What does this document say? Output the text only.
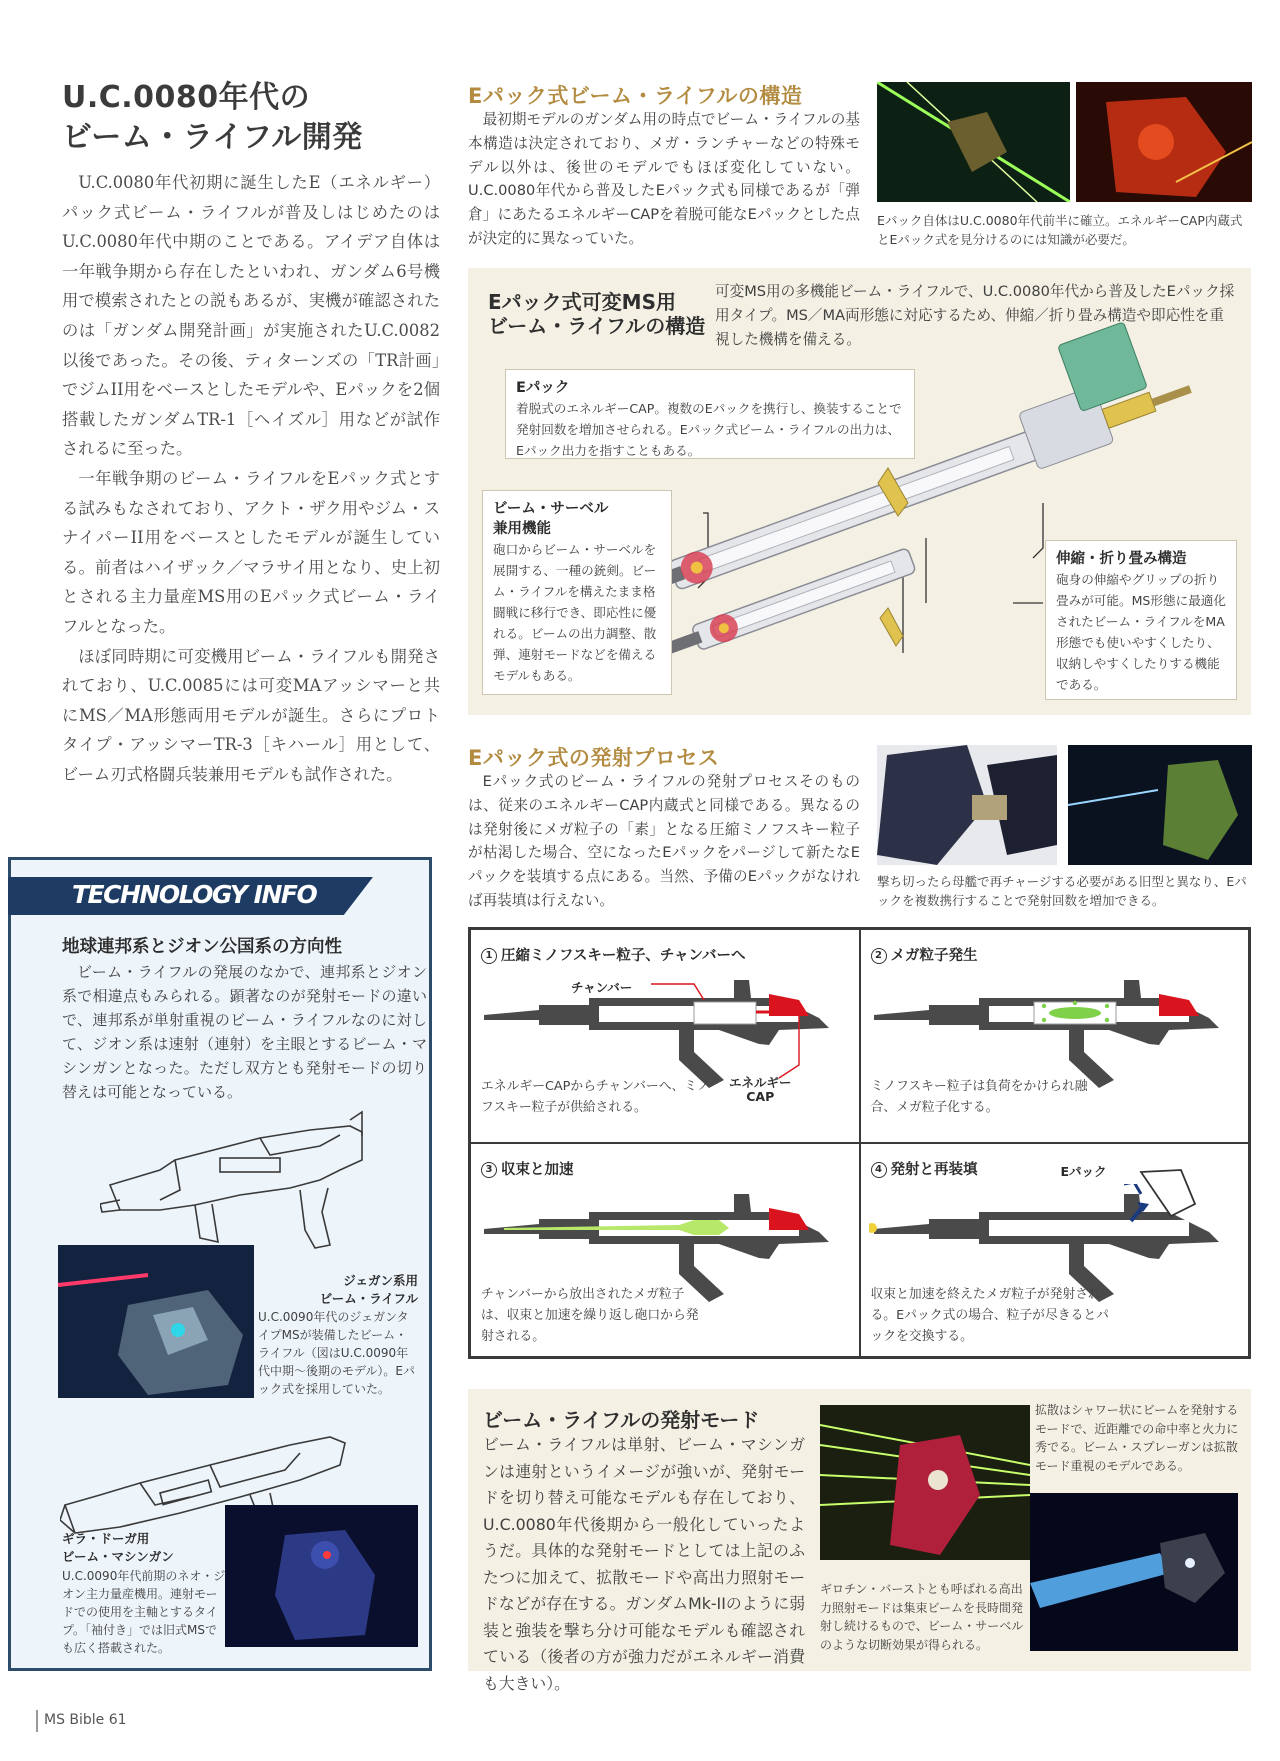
U.C.0080年代の
ビーム・ライフル開発

U.C.0080年代初期に誕生したE（エネルギー）パック式ビーム・ライフルが普及しはじめたのはU.C.0080年代中期のことである。アイデア自体は一年戦争期から存在したといわれ、ガンダム6号機用で模索されたとの説もあるが、実機が確認されたのは「ガンダム開発計画」が実施されたU.C.0082以後であった。その後、ティターンズの「TR計画」でジムII用をベースとしたモデルや、Eパックを2個搭載したガンダムTR-1［ヘイズル］用などが試作されるに至った。

一年戦争期のビーム・ライフルをEパック式とする試みもなされており、アクト・ザク用やジム・スナイパーII用をベースとしたモデルが誕生している。前者はハイザック／マラサイ用となり、史上初とされる主力量産MS用のEパック式ビーム・ライフルとなった。

ほぼ同時期に可変機用ビーム・ライフルも開発されており、U.C.0085には可変MAアッシマーと共にMS／MA形態両用モデルが誕生。さらにプロトタイプ・アッシマーTR-3［キハール］用として、ビーム刃式格闘兵装兼用モデルも試作された。

TECHNOLOGY INFO
地球連邦系とジオン公国系の方向性
ビーム・ライフルの発展のなかで、連邦系とジオン系で相違点もみられる。顕著なのが発射モードの違いで、連邦系が単射重視のビーム・ライフルなのに対して、ジオン系は速射（連射）を主眼とするビーム・マシンガンとなった。ただし双方とも発射モードの切り替えは可能となっている。
ジェガン系用
ビーム・ライフル
U.C.0090年代のジェガンタイプMSが装備したビーム・ライフル（図はU.C.0090年代中期〜後期のモデル）。Eパック式を採用していた。
ギラ・ドーガ用
ビーム・マシンガン
U.C.0090年代前期のネオ・ジオン主力量産機用。連射モードでの使用を主軸とするタイプ。「袖付き」では旧式MSでも広く搭載された。
Eパック式ビーム・ライフルの構造
最初期モデルのガンダム用の時点でビーム・ライフルの基本構造は決定されており、メガ・ランチャーなどの特殊モデル以外は、後世のモデルでもほぼ変化していない。U.C.0080年代から普及したEパック式も同様であるが「弾倉」にあたるエネルギーCAPを着脱可能なEパックとした点が決定的に異なっていた。
Eパック自体はU.C.0080年代前半に確立。エネルギーCAP内蔵式とEパック式を見分けるのには知識が必要だ。
Eパック式可変MS用
ビーム・ライフルの構造
可変MS用の多機能ビーム・ライフルで、U.C.0080年代から普及したEパック採用タイプ。MS／MA両形態に対応するため、伸縮／折り畳み構造や即応性を重視した機構を備える。
Eパック
着脱式のエネルギーCAP。複数のEパックを携行し、換装することで発射回数を増加させられる。Eパック式ビーム・ライフルの出力は、Eパック出力を指すこともある。
ビーム・サーベル
兼用機能
砲口からビーム・サーベルを展開する、一種の銃剣。ビーム・ライフルを構えたまま格闘戦に移行でき、即応性に優れる。ビームの出力調整、散弾、連射モードなどを備えるモデルもある。
伸縮・折り畳み構造
砲身の伸縮やグリップの折り畳みが可能。MS形態に最適化されたビーム・ライフルをMA形態でも使いやすくしたり、収納しやすくしたりする機能である。
Eパック式の発射プロセス
Eパック式のビーム・ライフルの発射プロセスそのものは、従来のエネルギーCAP内蔵式と同様である。異なるのは発射後にメガ粒子の「素」となる圧縮ミノフスキー粒子が枯渇した場合、空になったEパックをパージして新たなEパックを装填する点にある。当然、予備のEパックがなければ再装填は行えない。
撃ち切ったら母艦で再チャージする必要がある旧型と異なり、Eパックを複数携行することで発射回数を増加できる。
1 圧縮ミノフスキー粒子、チャンバーへ
チャンバー
エネルギー
CAP
エネルギーCAPからチャンバーへ、ミノフスキー粒子が供給される。
2 メガ粒子発生
ミノフスキー粒子は負荷をかけられ融合、メガ粒子化する。
3 収束と加速
チャンバーから放出されたメガ粒子は、収束と加速を繰り返し砲口から発射される。
4 発射と再装填	Eパック
収束と加速を終えたメガ粒子が発射される。Eパック式の場合、粒子が尽きるとパックを交換する。
ビーム・ライフルの発射モード
ビーム・ライフルは単射、ビーム・マシンガンは連射というイメージが強いが、発射モードを切り替え可能なモデルも存在しており、U.C.0080年代後期から一般化していったようだ。具体的な発射モードとしては上記のふたつに加えて、拡散モードや高出力照射モードなどが存在する。ガンダムMk-IIのように弱装と強装を撃ち分け可能なモデルも確認されている（後者の方が強力だがエネルギー消費も大きい）。
拡散はシャワー状にビームを発射するモードで、近距離での命中率と火力に秀でる。ビーム・スプレーガンは拡散モード重視のモデルである。
ギロチン・バーストとも呼ばれる高出力照射モードは集束ビームを長時間発射し続けるもので、ビーム・サーベルのような切断効果が得られる。
MS Bible 61
